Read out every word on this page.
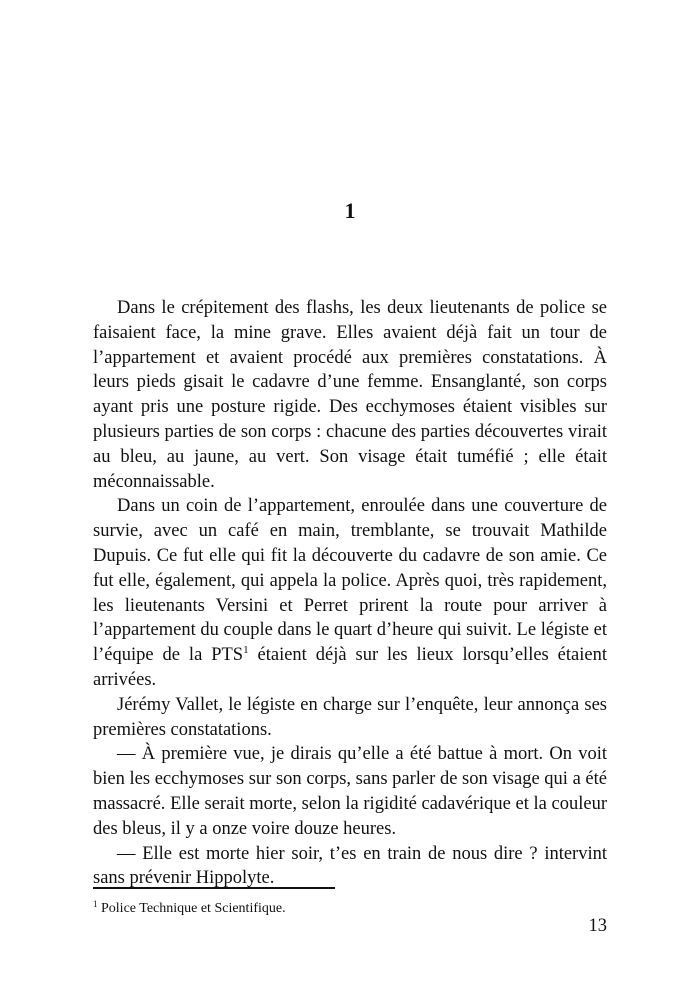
1

Dans le crépitement des flashs, les deux lieutenants de police se faisaient face, la mine grave. Elles avaient déjà fait un tour de l’appartement et avaient procédé aux premières constatations. À leurs pieds gisait le cadavre d’une femme. Ensanglanté, son corps ayant pris une posture rigide. Des ecchymoses étaient visibles sur plusieurs parties de son corps : chacune des parties découvertes virait au bleu, au jaune, au vert. Son visage était tuméfié ; elle était méconnaissable.

Dans un coin de l’appartement, enroulée dans une couverture de survie, avec un café en main, tremblante, se trouvait Mathilde Dupuis. Ce fut elle qui fit la découverte du cadavre de son amie. Ce fut elle, également, qui appela la police. Après quoi, très rapidement, les lieutenants Versini et Perret prirent la route pour arriver à l’appartement du couple dans le quart d’heure qui suivit. Le légiste et l’équipe de la PTS$^1$ étaient déjà sur les lieux lorsqu’elles étaient arrivées.

Jérémy Vallet, le légiste en charge sur l’enquête, leur annonça ses premières constatations.

— À première vue, je dirais qu’elle a été battue à mort. On voit bien les ecchymoses sur son corps, sans parler de son visage qui a été massacré. Elle serait morte, selon la rigidité cadavérique et la couleur des bleus, il y a onze voire douze heures.

— Elle est morte hier soir, t’es en train de nous dire ? intervint sans prévenir Hippolyte.

$^1$ Police Technique et Scientifique.
13
